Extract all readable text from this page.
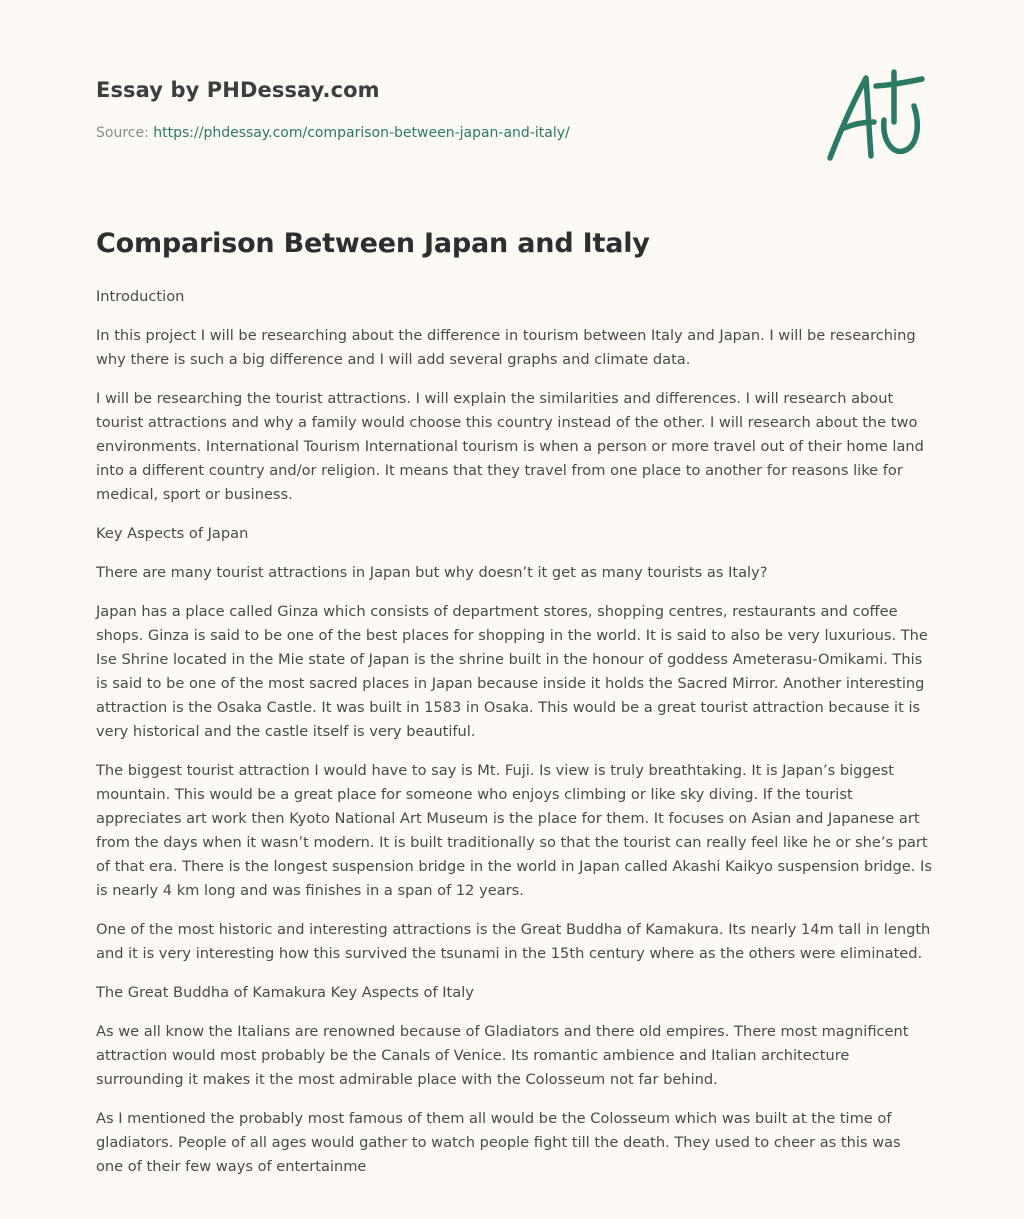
Essay by PHDessay.com
Source: https://phdessay.com/comparison-between-japan-and-italy/
Comparison Between Japan and Italy

Introduction

In this project I will be researching about the difference in tourism between Italy and Japan. I will be researching why there is such a big difference and I will add several graphs and climate data.

I will be researching the tourist attractions. I will explain the similarities and differences. I will research about tourist attractions and why a family would choose this country instead of the other. I will research about the two environments. International Tourism International tourism is when a person or more travel out of their home land into a different country and/or religion. It means that they travel from one place to another for reasons like for medical, sport or business.

Key Aspects of Japan

There are many tourist attractions in Japan but why doesn’t it get as many tourists as Italy?

Japan has a place called Ginza which consists of department stores, shopping centres, restaurants and coffee shops. Ginza is said to be one of the best places for shopping in the world. It is said to also be very luxurious. The Ise Shrine located in the Mie state of Japan is the shrine built in the honour of goddess Ameterasu-Omikami. This is said to be one of the most sacred places in Japan because inside it holds the Sacred Mirror. Another interesting attraction is the Osaka Castle. It was built in 1583 in Osaka. This would be a great tourist attraction because it is very historical and the castle itself is very beautiful.

The biggest tourist attraction I would have to say is Mt. Fuji. Is view is truly breathtaking. It is Japan’s biggest mountain. This would be a great place for someone who enjoys climbing or like sky diving. If the tourist appreciates art work then Kyoto National Art Museum is the place for them. It focuses on Asian and Japanese art from the days when it wasn’t modern. It is built traditionally so that the tourist can really feel like he or she’s part of that era. There is the longest suspension bridge in the world in Japan called Akashi Kaikyo suspension bridge. Is is nearly 4 km long and was finishes in a span of 12 years.

One of the most historic and interesting attractions is the Great Buddha of Kamakura. Its nearly 14m tall in length and it is very interesting how this survived the tsunami in the 15th century where as the others were eliminated.

The Great Buddha of Kamakura Key Aspects of Italy

As we all know the Italians are renowned because of Gladiators and there old empires. There most magnificent attraction would most probably be the Canals of Venice. Its romantic ambience and Italian architecture surrounding it makes it the most admirable place with the Colosseum not far behind.

As I mentioned the probably most famous of them all would be the Colosseum which was built at the time of gladiators. People of all ages would gather to watch people fight till the death. They used to cheer as this was one of their few ways of entertainme
